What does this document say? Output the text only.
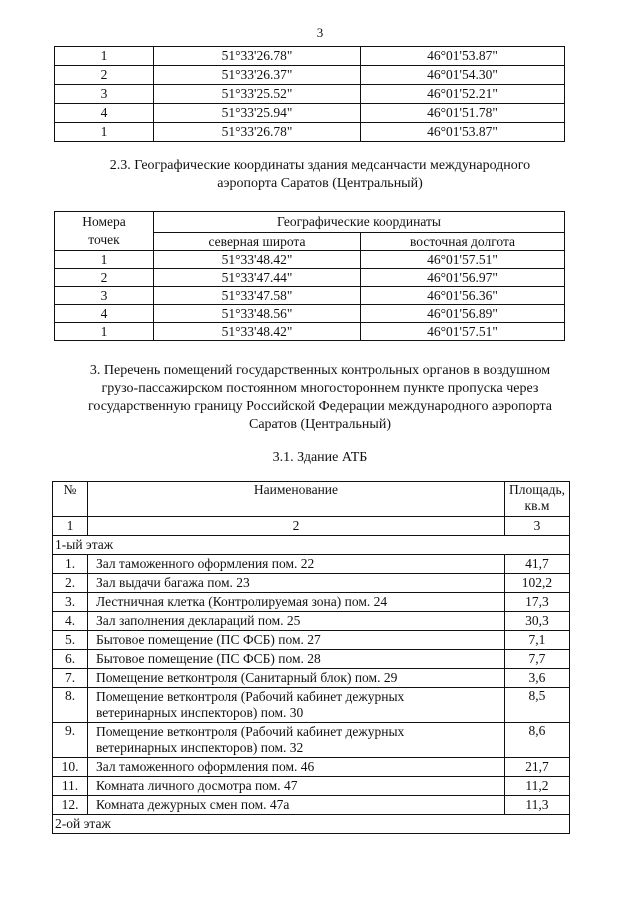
3
1	51°33'26.78"	46°01'53.87"
2	51°33'26.37"	46°01'54.30"
3	51°33'25.52"	46°01'52.21"
4	51°33'25.94"	46°01'51.78"
1	51°33'26.78"	46°01'53.87"
2.3. Географические координаты здания медсанчасти международного
аэропорта Саратов (Центральный)
Номера
точек	Географические координаты	
	северная широта	восточная долгота
1	51°33'48.42"	46°01'57.51"
2	51°33'47.44"	46°01'56.97"
3	51°33'47.58"	46°01'56.36"
4	51°33'48.56"	46°01'56.89"
1	51°33'48.42"	46°01'57.51"
3. Перечень помещений государственных контрольных органов в воздушном
грузо-пассажирском постоянном многостороннем пункте пропуска через
государственную границу Российской Федерации международного аэропорта
Саратов (Центральный)
3.1. Здание АТБ
№	Наименование	Площадь,
кв.м

1	2	3
1-ый этаж		
1.	Зал таможенного оформления пом. 22	41,7
2.	Зал выдачи багажа пом. 23	102,2
3.	Лестничная клетка (Контролируемая зона) пом. 24	17,3
4.	Зал заполнения деклараций пом. 25	30,3
5.	Бытовое помещение (ПС ФСБ) пом. 27	7,1
6.	Бытовое помещение (ПС ФСБ) пом. 28	7,7
7.	Помещение ветконтроля (Санитарный блок) пом. 29	3,6
8.	Помещение ветконтроля (Рабочий кабинет дежурных
ветеринарных инспекторов) пом. 30	8,5
9.	Помещение ветконтроля (Рабочий кабинет дежурных
ветеринарных инспекторов) пом. 32	8,6
10.	Зал таможенного оформления пом. 46	21,7
11.	Комната личного досмотра пом. 47	11,2
12.	Комната дежурных смен пом. 47а	11,3
2-ой этаж		
